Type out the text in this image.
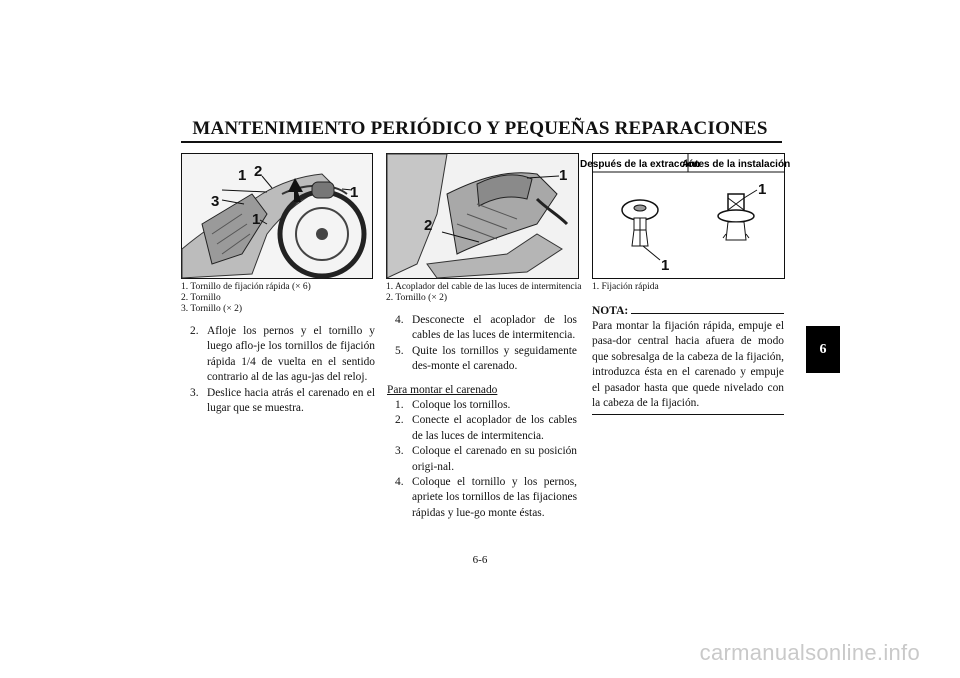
MANTENIMIENTO PERIÓDICO Y PEQUEÑAS REPARACIONES
1 2
3
1
1
1. Tornillo de fijación rápida (× 6)
2. Tornillo
3. Tornillo (× 2)
1
2
1. Acoplador del cable de las luces de intermitencia
2. Tornillo (× 2)
Después de la extracción
Antes de la instalación
1
1
1. Fijación rápida
2. Afloje los pernos y el tornillo y luego aflo-je los tornillos de fijación rápida 1/4 de vuelta en el sentido contrario al de las agu-jas del reloj.
3. Deslice hacia atrás el carenado en el lugar que se muestra.
4. Desconecte el acoplador de los cables de las luces de intermitencia.
5. Quite los tornillos y seguidamente des-monte el carenado.
Para montar el carenado
1. Coloque los tornillos.
2. Conecte el acoplador de los cables de las luces de intermitencia.
3. Coloque el carenado en su posición origi-nal.
4. Coloque el tornillo y los pernos, apriete los tornillos de las fijaciones rápidas y lue-go monte éstas.
NOTA:
Para montar la fijación rápida, empuje el pasa-dor central hacia afuera de modo que sobresalga de la cabeza de la fijación, introduzca ésta en el carenado y empuje el pasador hasta que quede nivelado con la cabeza de la fijación.
6
6-6
carmanualsonline.info
